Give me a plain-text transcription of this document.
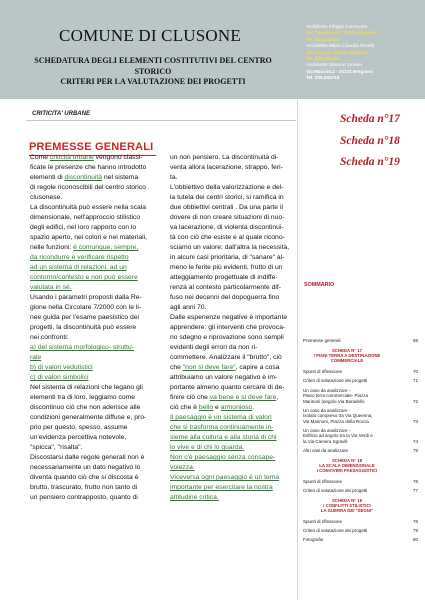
COMUNE DI CLUSONE
SCHEDATURA DEGLI ELEMENTI COSTITUTIVI DEL CENTRO
STORICO
CRITERI PER LA VALUTAZIONE DEI PROGETTI
Architetto Filippo Carnevale
Via Canaline,13 - 24121 Bergamo
Tel. 035.243445
Architetto Maria Claudia Peretti
Via Tasca,3 - 24122 Bergamo
Tel. 035.233230
Architetto Simone Zenoni
Via Maccini,2 - 24122 Bergamo
Tel. 035.232718
CRITICITA' URBANE	Scheda n°17
Scheda n°18
Scheda n°19
PREMESSE GENERALI
Come criticità urbane vengono classi-
ficate le presenze che hanno introdotto
elementi di discontinuità nel sistema
di regole riconoscibili del centro storico
clusonese.
La discontinuità può essere nella scala
dimensionale, nell'approccio stilistico
degli edifici, nel loro rapporto con lo
spazio aperto, nei colori e nei materiali,
nelle funzioni: è comunque, sempre,
da ricondurre e verificare rispetto
ad un sistema di relazioni, ad un
contorno/contesto e non può essere
valutata in sé.
Usando i parametri proposti dalla Re-
gione nella Circolare 7/2000 con le li-
nee guida per l'esame paesistico dei
progetti, la discontinuità può essere
nei confronti:
a) del sistema morfologico- struttu-
rale
b) di valori vedutistici
c) di valori simbolici
Nel sistema di relazioni che legano gli
elementi tra di loro, leggiamo come
discontinuo ciò che non aderisce alle
condizioni generalmente diffuse e, pro-
prio per questo, spesso, assume
un'evidenza percettiva notevole,
"spicca", "risalta".
Discostarsi dalle regole generali non è
necessariamente un dato negativo lo
diventa quando ciò che si discosta è
brutto, trascurato, frutto non tanto di
un pensiero contrapposto, quanto di
un non pensiero. La discontinuità di-
venta allora lacerazione, strappo, feri-
ta.
L'obbiettivo della valorizzazione e del-
la tutela dei centri storici, si ramifica in
due obbiettivi centrali . Da una parte il
dovere di non creare situazioni di nuo-
va lacerazione, di violenta discontinui-
tà con ciò che esiste e al quale ricono-
sciamo un valore; dall'altra la necessità,
in alcuni casi prioritaria, di "sanare" al-
meno le ferite più evidenti, frutto di un
atteggiamento progettuale di indiffe-
renza al contesto particolarmente dif-
fuso nei decenni del dopoguerra fino
agli anni 70.
Dalle esperienze negative è importante
apprendere: gli interventi che provoca-
no sdegno e riprovazione sono sempli
evidenti degli errori da non ri-
commettere. Analizzare il "brutto", ciò
che "non si deve fare", capire a cosa
attribuiamo un valore negativo è im-
portante almeno quanto cercare di de-
finire ciò che va bene e si deve fare,
ciò che è bello e armonioso.
Il paesaggio è un sistema di valori
che si trasforma continuamente in-
sieme alla cultura e alla storia di chi
lo vive e di chi lo guarda.
Non c'è paesaggio senza consape-
volezza.
Viceversa ogni paesaggio è un tema
importante per esercitare la nostra
attitudine critica.
SOMMARIO
Premesse generali	69
SCHEDA N° 17
I PIANI TERRA A DESTINAZIONE
COMMERCIALE
Spunti di riflessione	70
Criteri di valutazione dei progetti	71
Un caso da analizzare -
Piano terra commerciale- Piazza
Marinoni (angolo Via Baradello	72
Un caso da analizzare -
Isolato compreso tra Via Queenna,
Via Marinoni, Piazza della Rocca	73
Un caso da analizzare -
Edificio ad angolo tra la Via Verdi e
la Via Camera Sgravill	74
Altri casi da analizzare	75
SCHEDA N° 18
LA SCALA DIMENSIONALE
I CONVIVERI PAESAGGISTICI
Spunti di riflessione	76
Criteri di valutazione dei progetti	77
SCHEDA N° 19
I CONFLITTI STILISTICI
LA GUERRA DEI "SEGNI"
Spunti di riflessione	78
Criteri di valutazione dei progetti	79
Fotografie	80
